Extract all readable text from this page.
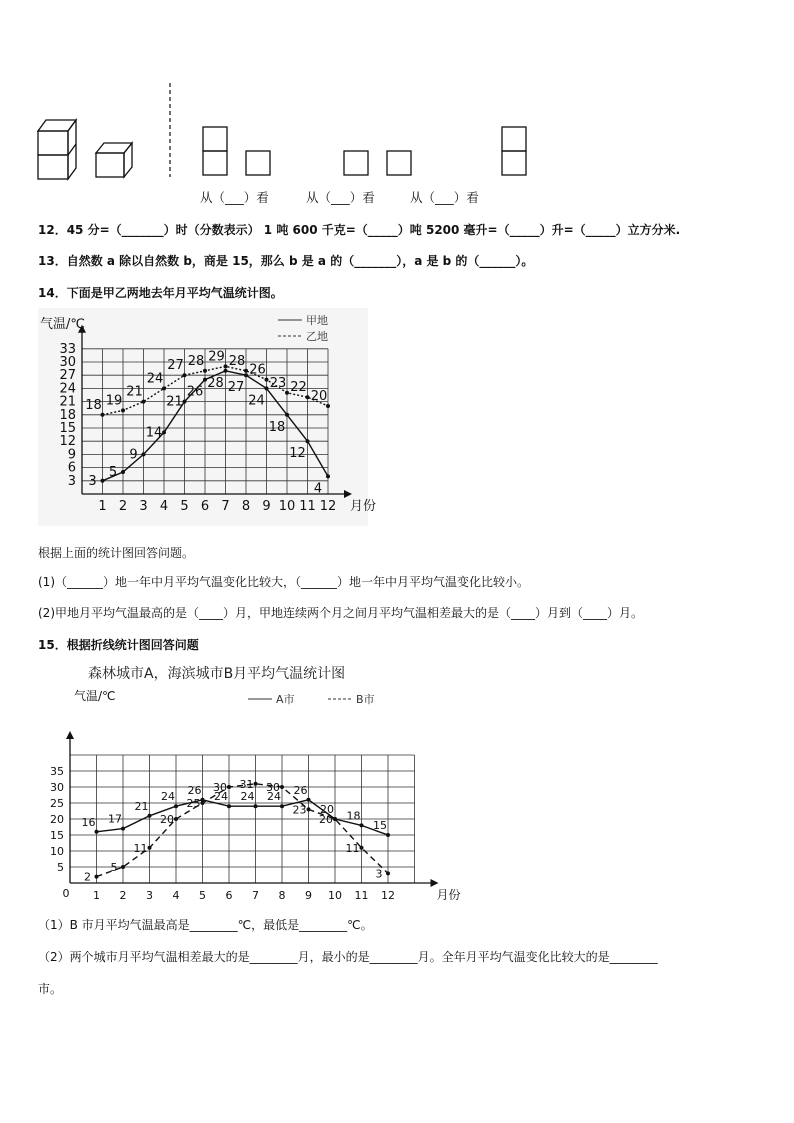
从（___）看	从（___）看	从（___）看
12．45 分=（_______）时（分数表示） 1 吨 600 千克=（_____）吨 5200 毫升=（_____）升=（_____）立方分米.
13．自然数 a 除以自然数 b，商是 15，那么 b 是 a 的（_______），a 是 b 的（______）。
14．下面是甲乙两地去年月平均气温统计图。
气温/℃
月份
3
6
9
12
15
18
21
24
27
30
33
1 2 3 4 5 6 7 8 9 10 11 12
甲地
乙地
3
5
9
14
21
26
28 27
24
18
12
4
18 19
21
24
27 28 29 28
26
23 22
20
根据上面的统计图回答问题。
(1)（______）地一年中月平均气温变化比较大，（______）地一年中月平均气温变化比较小。
(2)甲地月平均气温最高的是（____）月，甲地连续两个月之间月平均气温相差最大的是（____）月到（____）月。
15．根据折线统计图回答问题
森林城市A，海滨城市B月平均气温统计图
气温/℃
月份
5
10
15
20
25
30
35
0 1 2 3 4 5 6 7 8 9 10 11 12
A市	B市
16 17
21
24 26 24 24 24 26
20 18
15
2
5
11
20
25
30 31 30
23
20
11
3
（1）B 市月平均气温最高是________℃，最低是________℃。
（2）两个城市月平均气温相差最大的是________月，最小的是________月。全年月平均气温变化比较大的是________
市。
